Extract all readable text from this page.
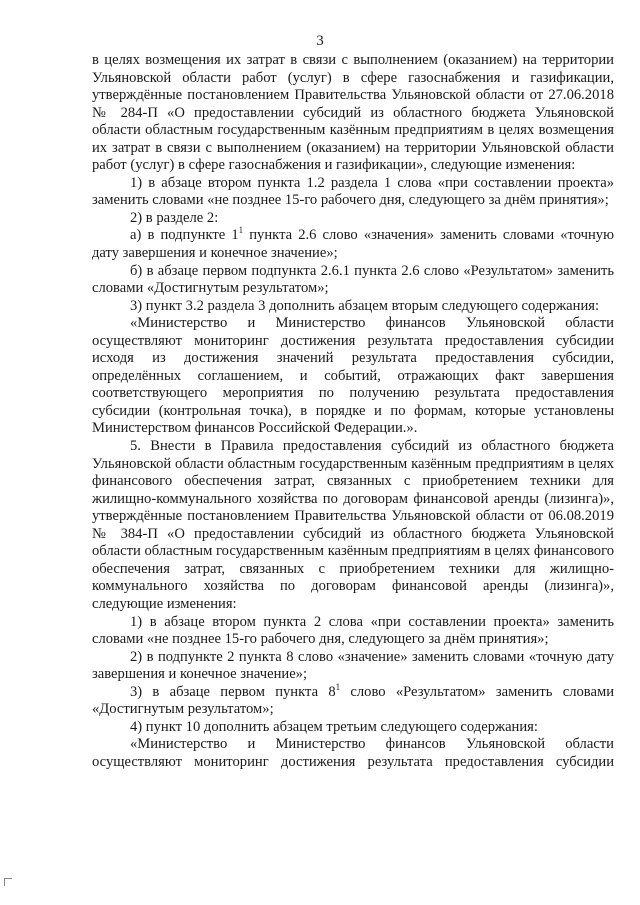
3

в целях возмещения их затрат в связи с выполнением (оказанием) на территории Ульяновской области работ (услуг) в сфере газоснабжения и газификации, утверждённые постановлением Правительства Ульяновской области от 27.06.2018 № 284-П «О предоставлении субсидий из областного бюджета Ульяновской области областным государственным казённым предприятиям в целях возмещения их затрат в связи с выполнением (оказанием) на территории Ульяновской области работ (услуг) в сфере газоснабжения и газификации», следующие изменения:

1) в абзаце втором пункта 1.2 раздела 1 слова «при составлении проекта» заменить словами «не позднее 15-го рабочего дня, следующего за днём принятия»;

2) в разделе 2:

а) в подпункте $1^1$ пункта 2.6 слово «значения» заменить словами «точную дату завершения и конечное значение»;

б) в абзаце первом подпункта 2.6.1 пункта 2.6 слово «Результатом» заменить словами «Достигнутым результатом»;

3) пункт 3.2 раздела 3 дополнить абзацем вторым следующего содержания:

«Министерство и Министерство финансов Ульяновской области осуществляют мониторинг достижения результата предоставления субсидии исходя из достижения значений результата предоставления субсидии, определённых соглашением, и событий, отражающих факт завершения соответствующего мероприятия по получению результата предоставления субсидии (контрольная точка), в порядке и по формам, которые установлены Министерством финансов Российской Федерации.».

5. Внести в Правила предоставления субсидий из областного бюджета Ульяновской области областным государственным казённым предприятиям в целях финансового обеспечения затрат, связанных с приобретением техники для жилищно-коммунального хозяйства по договорам финансовой аренды (лизинга)», утверждённые постановлением Правительства Ульяновской области от 06.08.2019 № 384-П «О предоставлении субсидий из областного бюджета Ульяновской области областным государственным казённым предприятиям в целях финансового обеспечения затрат, связанных с приобретением техники для жилищно-коммунального хозяйства по договорам финансовой аренды (лизинга)», следующие изменения:

1) в абзаце втором пункта 2 слова «при составлении проекта» заменить словами «не позднее 15-го рабочего дня, следующего за днём принятия»;

2) в подпункте 2 пункта 8 слово «значение» заменить словами «точную дату завершения и конечное значение»;

3) в абзаце первом пункта $8^1$ слово «Результатом» заменить словами «Достигнутым результатом»;

4) пункт 10 дополнить абзацем третьим следующего содержания:

«Министерство и Министерство финансов Ульяновской области осуществляют мониторинг достижения результата предоставления субсидии
